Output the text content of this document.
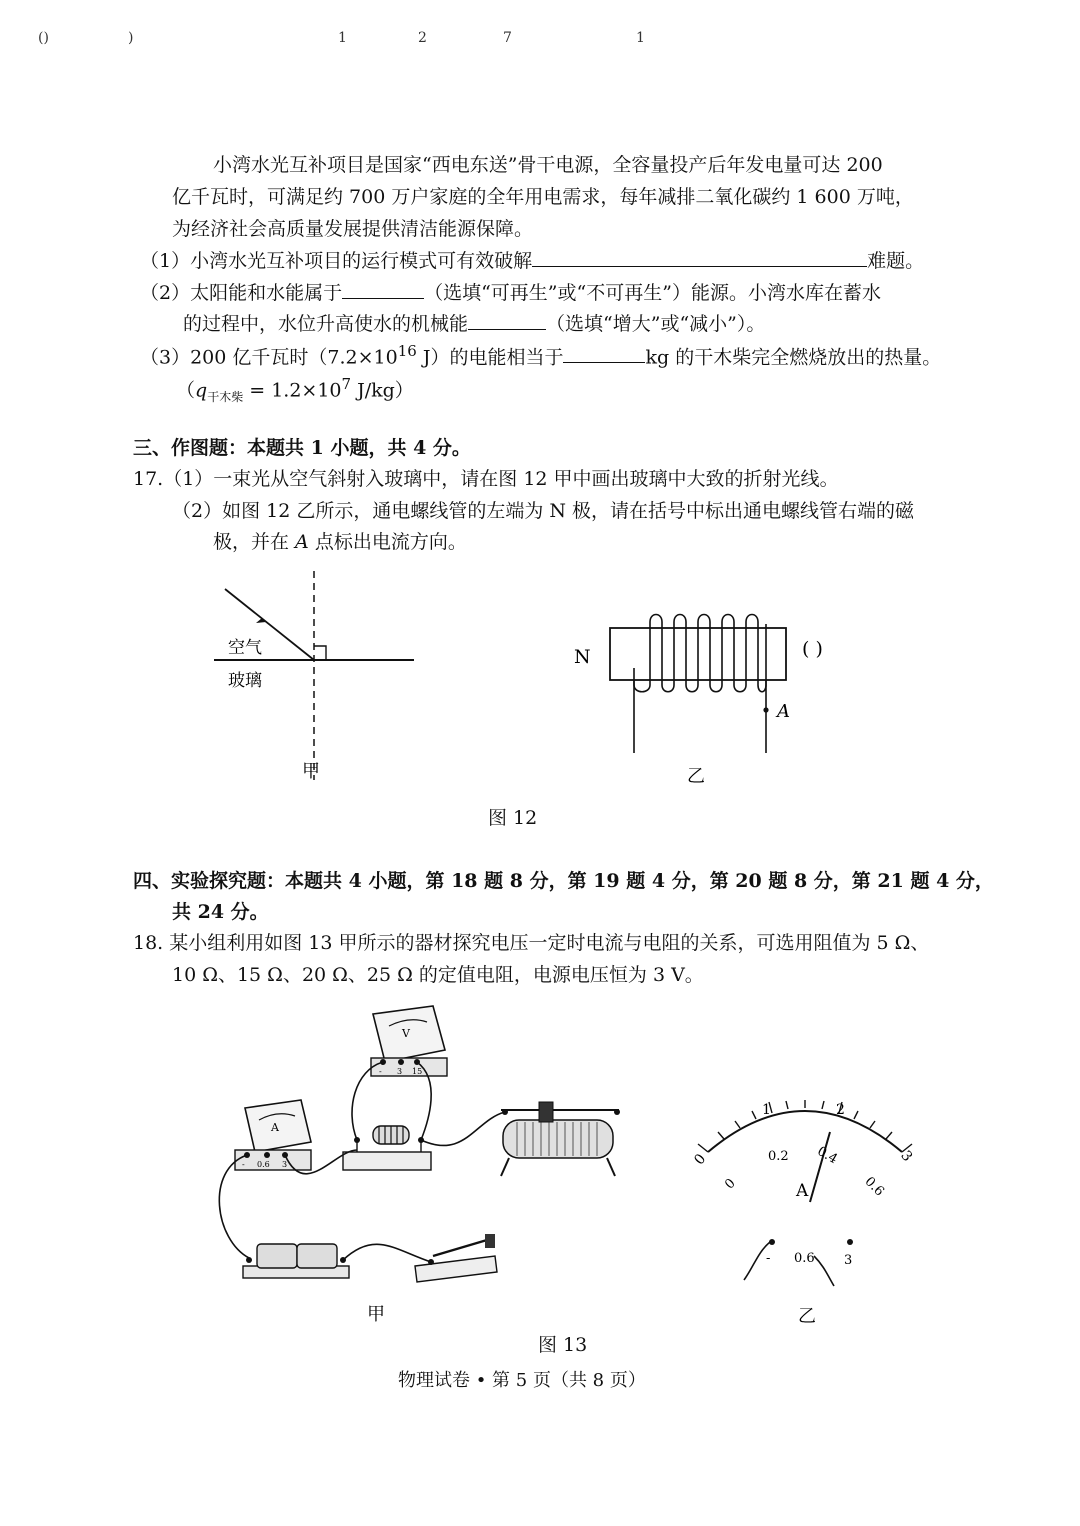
()	)	1	2	7	1
小湾水光互补项目是国家“西电东送”骨干电源，全容量投产后年发电量可达 200
亿千瓦时，可满足约 700 万户家庭的全年用电需求，每年减排二氧化碳约 1 600 万吨，
为经济社会高质量发展提供清洁能源保障。
（1）小湾水光互补项目的运行模式可有效破解	难题。
（2）太阳能和水能属于	（选填“可再生”或“不可再生”）能源。小湾水库在蓄水
的过程中，水位升高使水的机械能	（选填“增大”或“减小”）。
（3）200 亿千瓦时（$7.2\times 10^{16}$ J）的电能相当于	kg 的干木柴完全燃烧放出的热量。
（$q_{干木柴} = 1.2\times 10^7$ J/kg）
三、作图题：本题共 1 小题，共 4 分。
17.（1）一束光从空气斜射入玻璃中，请在图 12 甲中画出玻璃中大致的折射光线。
（2）如图 12 乙所示，通电螺线管的左端为 N 极，请在括号中标出通电螺线管右端的磁
极，并在 A 点标出电流方向。
空气
玻璃
甲
N	( )
A
乙
图 12
四、实验探究题：本题共 4 小题，第 18 题 8 分，第 19 题 4 分，第 20 题 8 分，第 21 题 4 分，
共 24 分。
18. 某小组利用如图 13 甲所示的器材探究电压一定时电流与电阻的关系，可选用阻值为 5 Ω、
10 Ω、15 Ω、20 Ω、25 Ω 的定值电阻，电源电压恒为 3 V。
V
- 3 15
A
- 0.6 3
甲
0
1	2
3
0
0.2 0.4
0.6
A
- 0.6 3
乙
图 13
物理试卷 • 第 5 页（共 8 页）
